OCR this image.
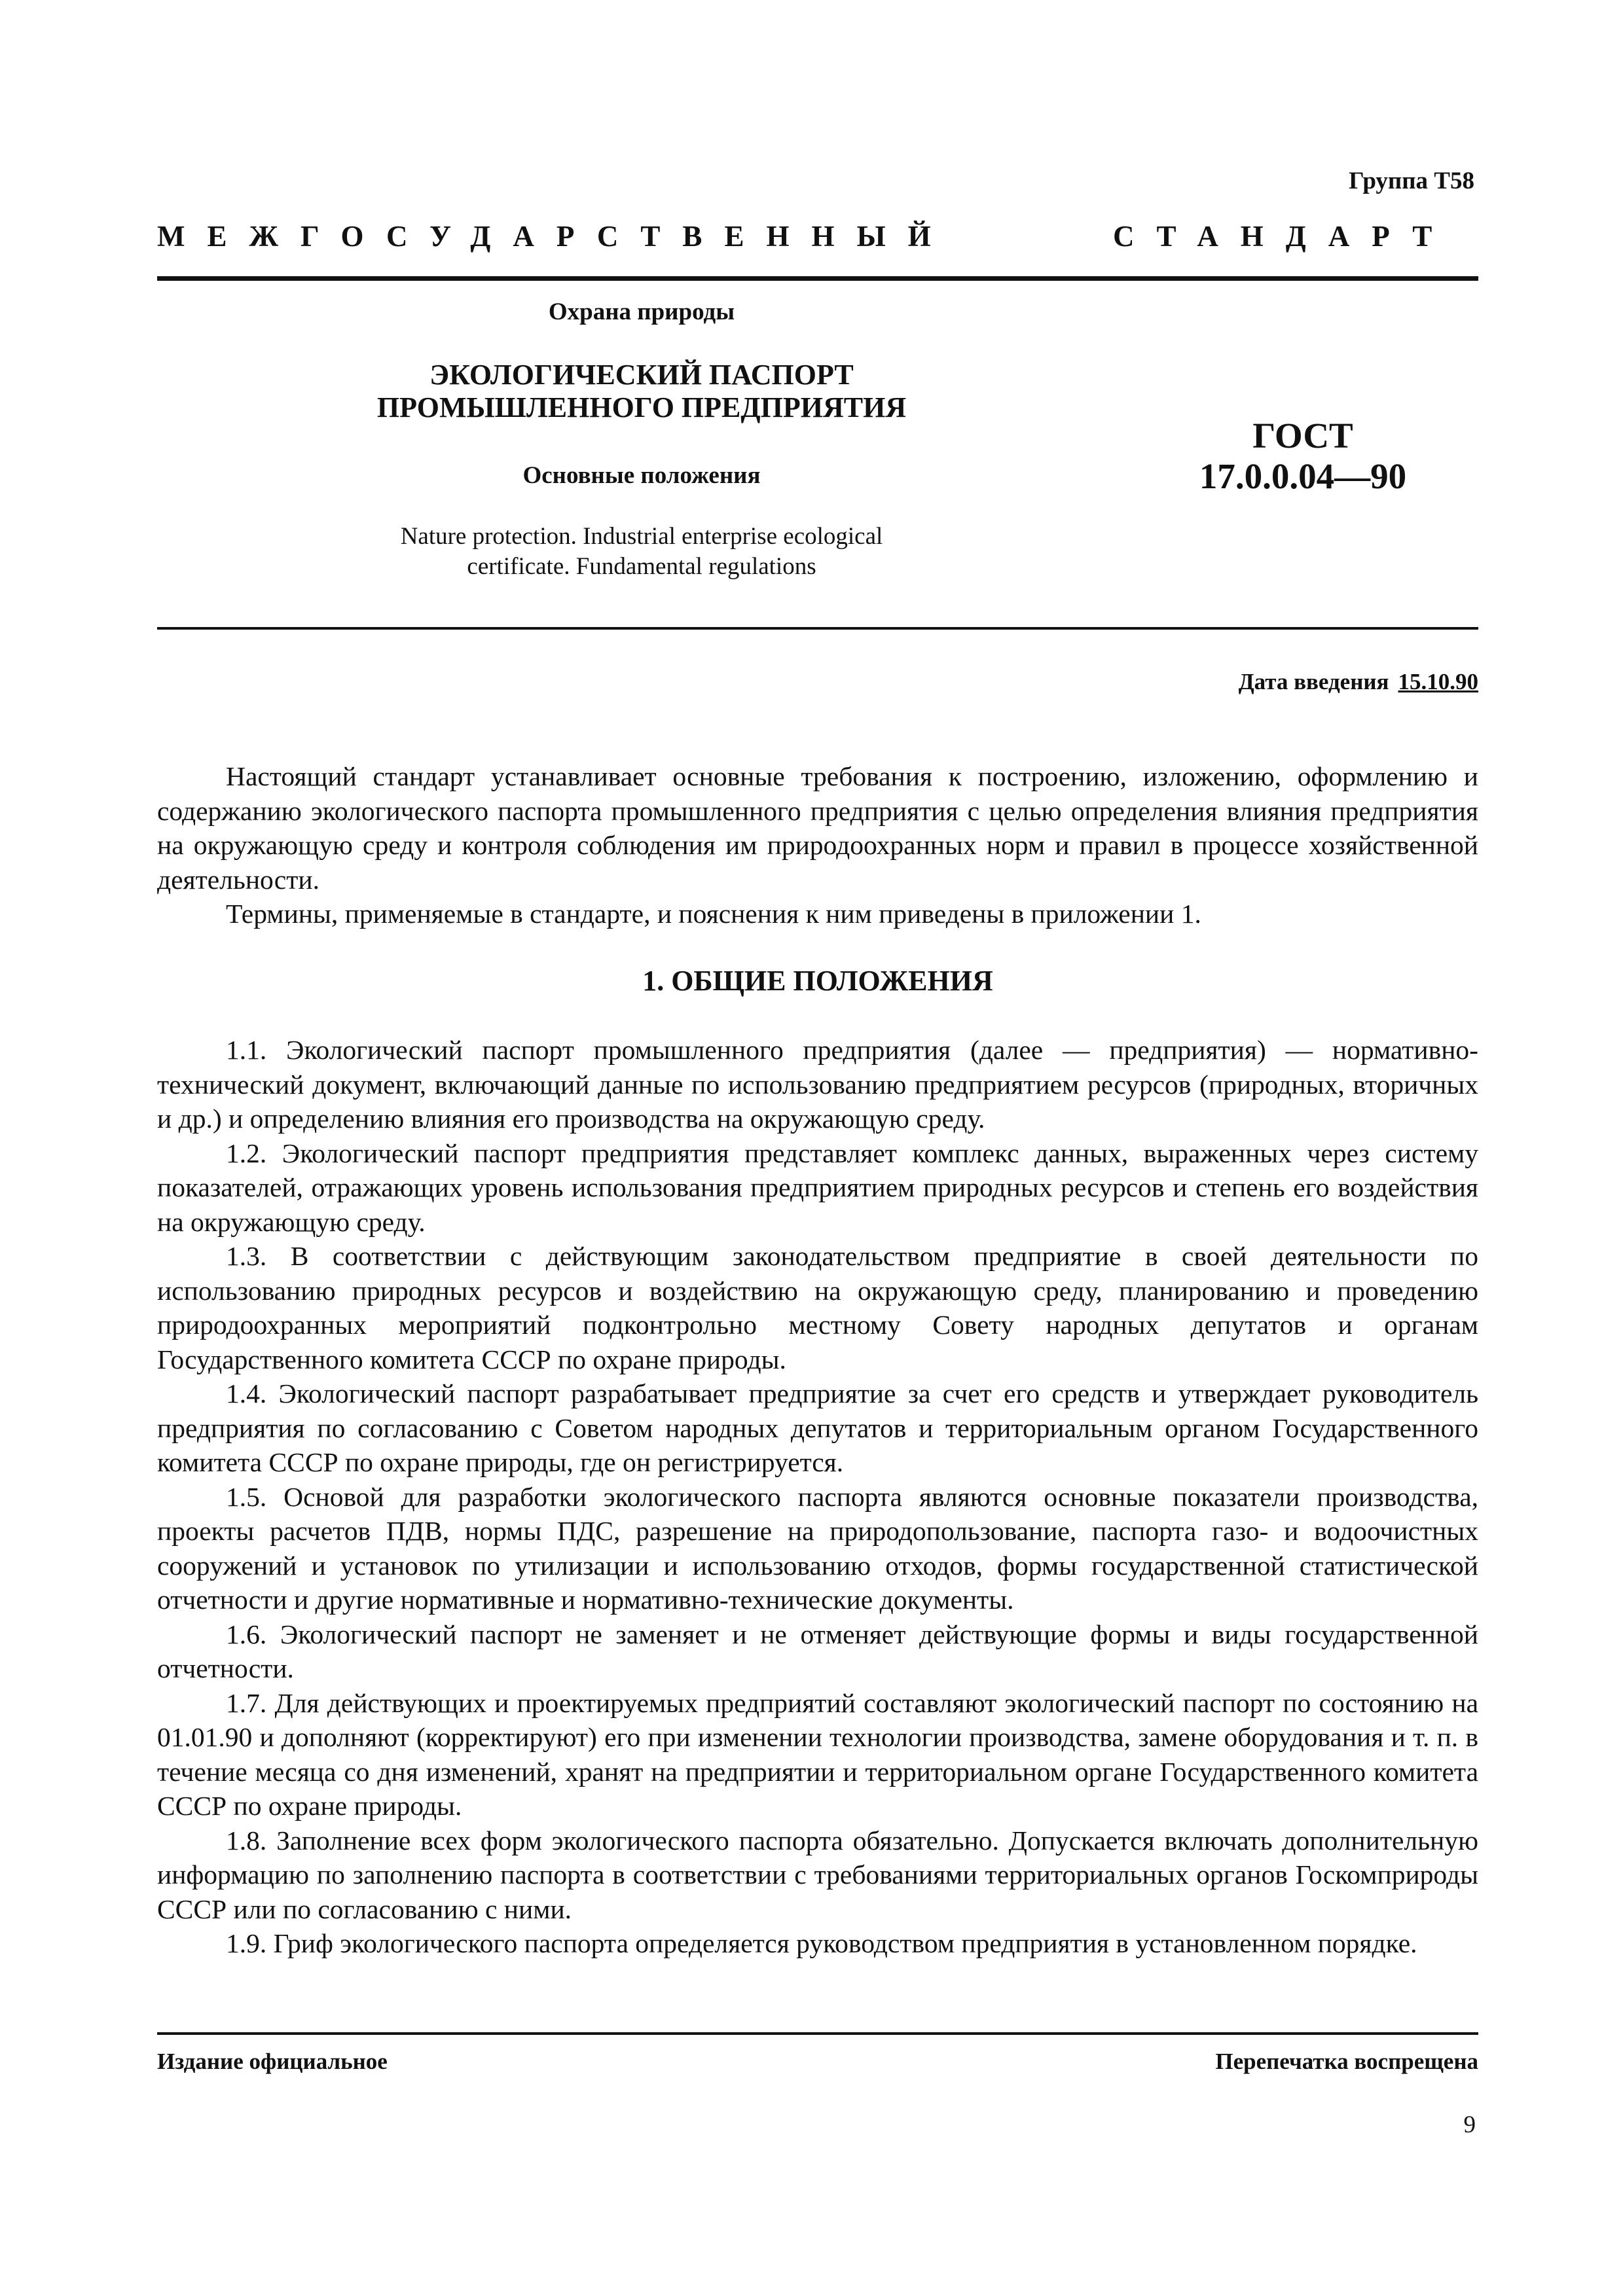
Группа Т58
МЕЖГОСУДАРСТВЕННЫЙ	СТАНДАРТ
Охрана природы
ЭКОЛОГИЧЕСКИЙ ПАСПОРТ
ПРОМЫШЛЕННОГО ПРЕДПРИЯТИЯ
Основные положения
Nature protection. Industrial enterprise ecological
certificate. Fundamental regulations
ГОСТ
17.0.0.04—90
Дата введения 15.10.90

Настоящий стандарт устанавливает основные требования к построению, изложению, оформлению и содержанию экологического паспорта промышленного предприятия с целью определения влияния предприятия на окружающую среду и контроля соблюдения им природоохранных норм и правил в процессе хозяйственной деятельности.

Термины, применяемые в стандарте, и пояснения к ним приведены в приложении 1.

1. ОБЩИЕ ПОЛОЖЕНИЯ

1.1. Экологический паспорт промышленного предприятия (далее — предприятия) — нормативно-технический документ, включающий данные по использованию предприятием ресурсов (природных, вторичных и др.) и определению влияния его производства на окружающую среду.

1.2. Экологический паспорт предприятия представляет комплекс данных, выраженных через систему показателей, отражающих уровень использования предприятием природных ресурсов и степень его воздействия на окружающую среду.

1.3. В соответствии с действующим законодательством предприятие в своей деятельности по использованию природных ресурсов и воздействию на окружающую среду, планированию и проведению природоохранных мероприятий подконтрольно местному Совету народных депутатов и органам Государственного комитета СССР по охране природы.

1.4. Экологический паспорт разрабатывает предприятие за счет его средств и утверждает руководитель предприятия по согласованию с Советом народных депутатов и территориальным органом Государственного комитета СССР по охране природы, где он регистрируется.

1.5. Основой для разработки экологического паспорта являются основные показатели производства, проекты расчетов ПДВ, нормы ПДС, разрешение на природопользование, паспорта газо- и водоочистных сооружений и установок по утилизации и использованию отходов, формы государственной статистической отчетности и другие нормативные и нормативно-технические документы.

1.6. Экологический паспорт не заменяет и не отменяет действующие формы и виды государственной отчетности.

1.7. Для действующих и проектируемых предприятий составляют экологический паспорт по состоянию на 01.01.90 и дополняют (корректируют) его при изменении технологии производства, замене оборудования и т. п. в течение месяца со дня изменений, хранят на предприятии и территориальном органе Государственного комитета СССР по охране природы.

1.8. Заполнение всех форм экологического паспорта обязательно. Допускается включать дополнительную информацию по заполнению паспорта в соответствии с требованиями территориальных органов Госкомприроды СССР или по согласованию с ними.

1.9. Гриф экологического паспорта определяется руководством предприятия в установленном порядке.

Издание официальное	Перепечатка воспрещена
9
